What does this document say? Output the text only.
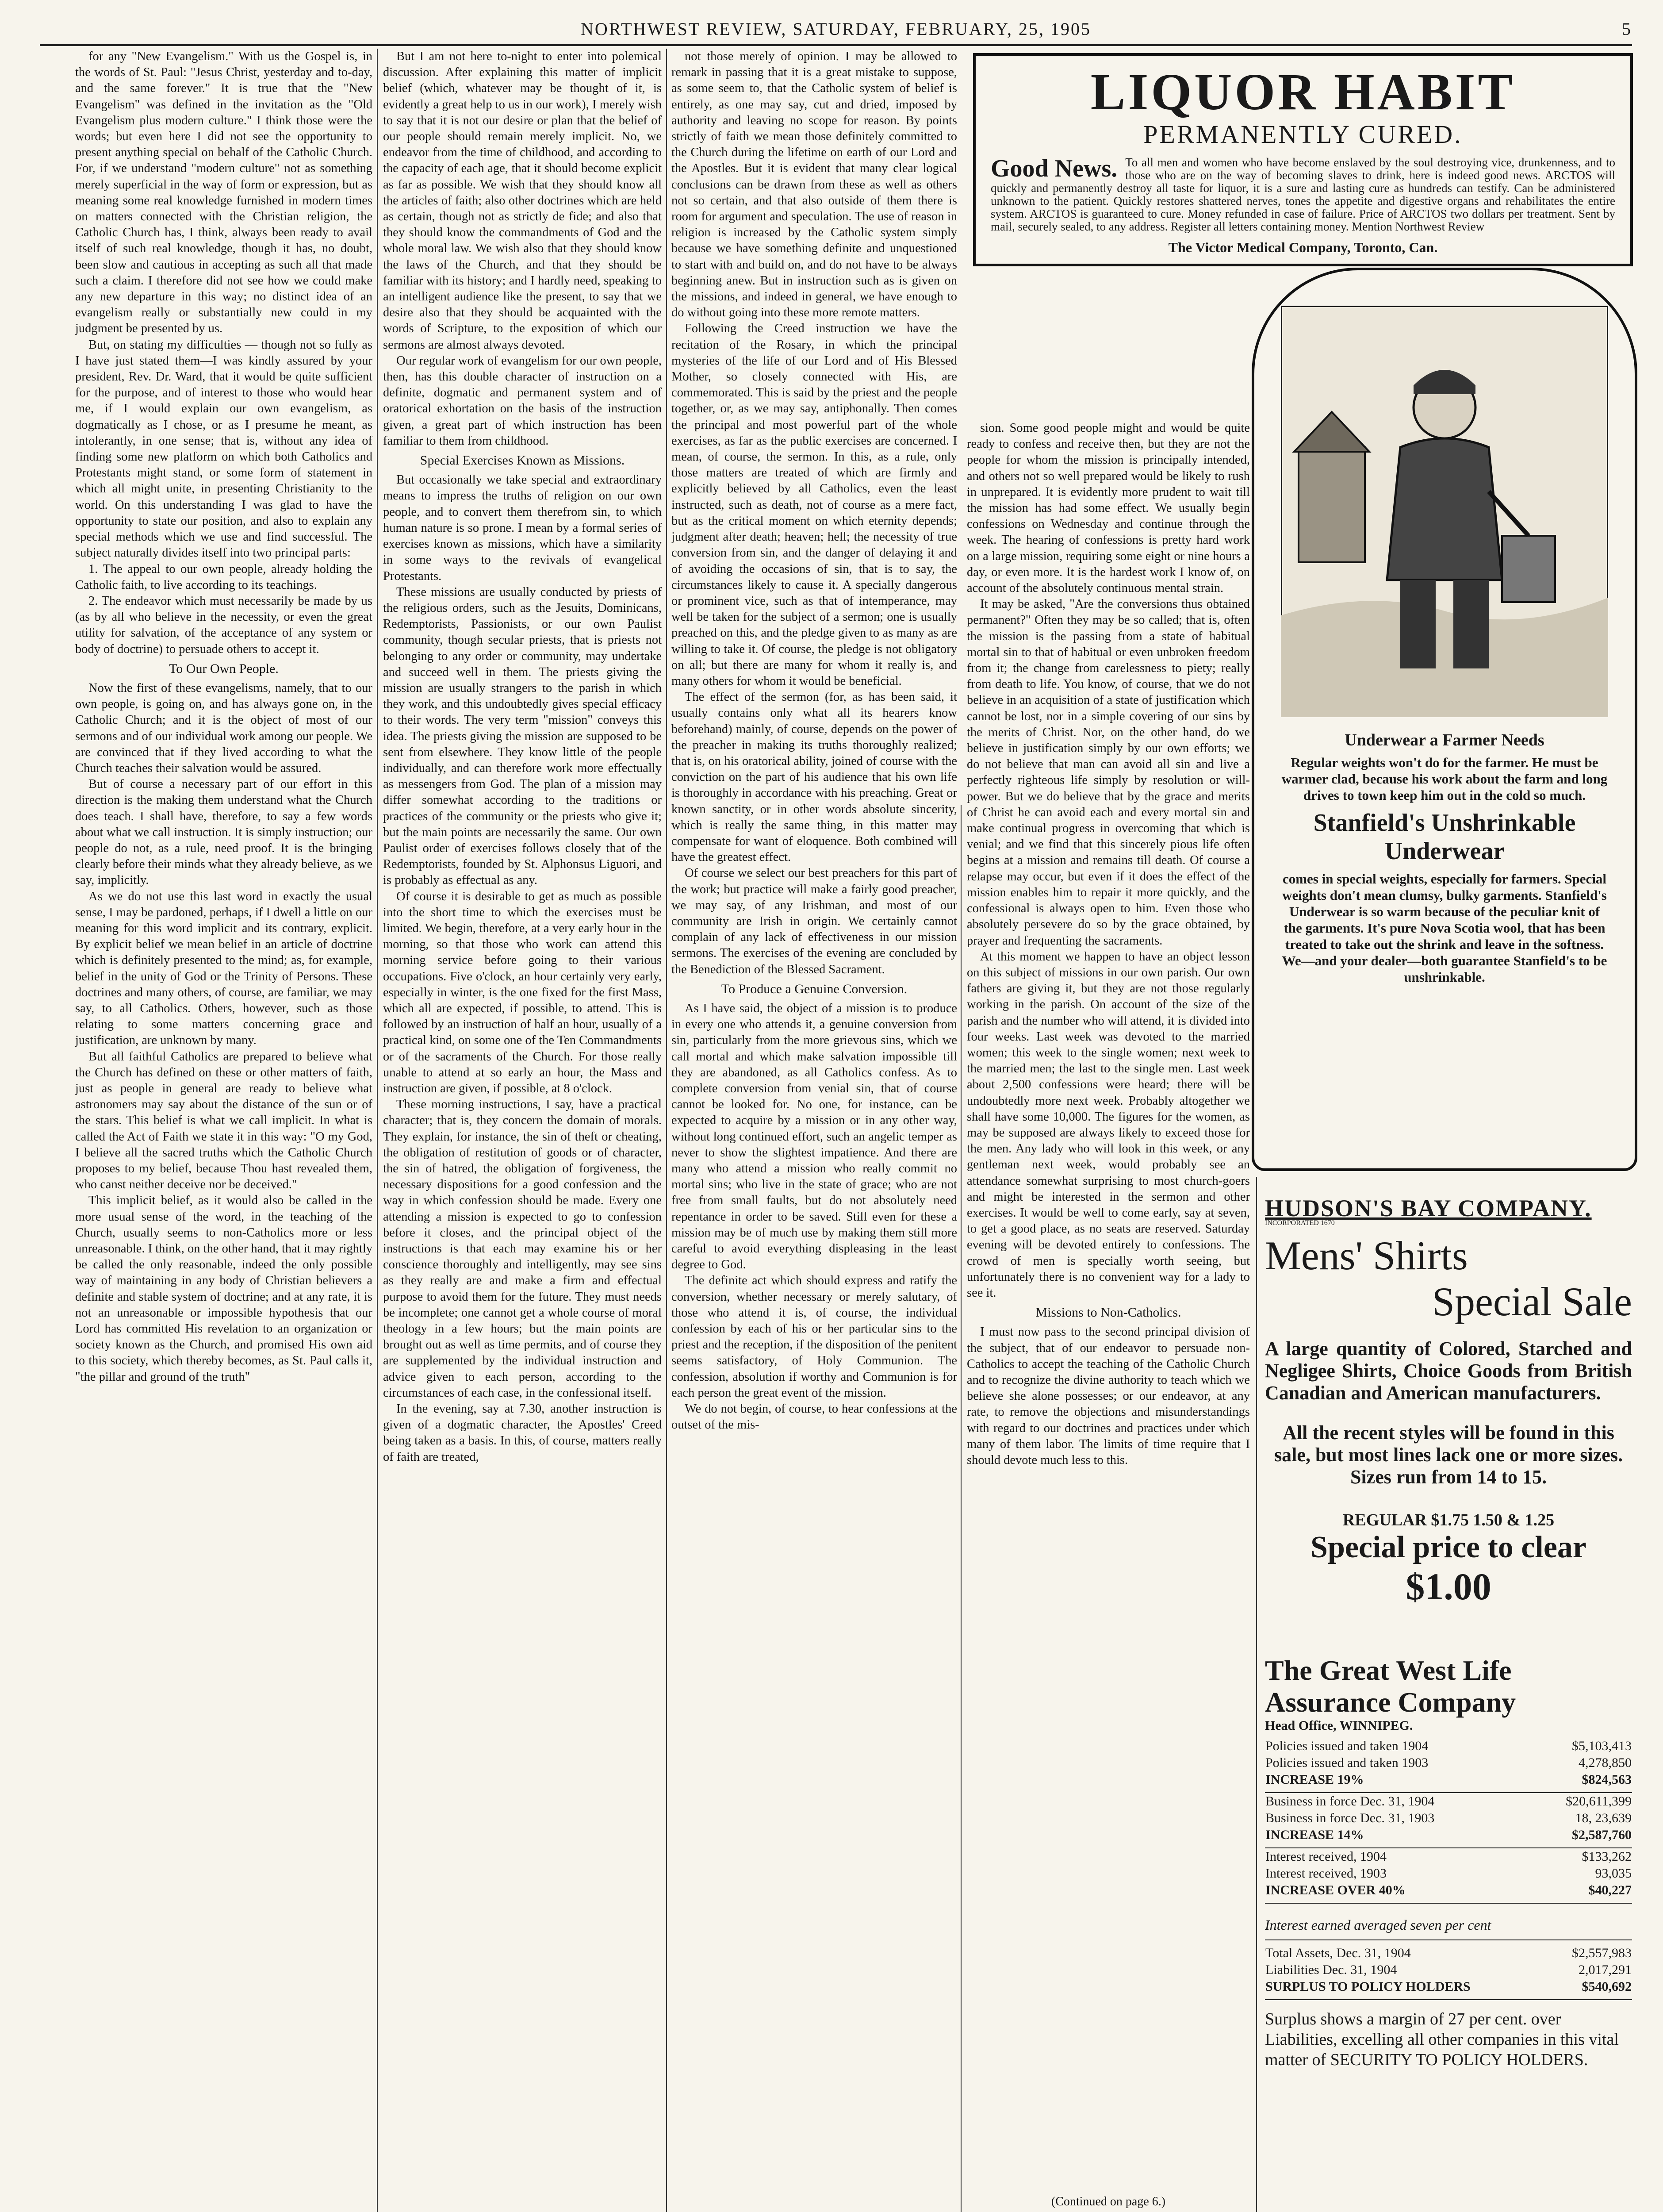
NORTHWEST REVIEW, SATURDAY, FEBRUARY, 25, 1905	5

for any "New Evangelism." With us the Gospel is, in the words of St. Paul: "Jesus Christ, yesterday and to-day, and the same forever." It is true that the "New Evangelism" was defined in the invitation as the "Old Evangelism plus modern culture." I think those were the words; but even here I did not see the opportunity to present anything special on behalf of the Catholic Church. For, if we understand "modern culture" not as something merely superficial in the way of form or expression, but as meaning some real knowledge furnished in modern times on matters connected with the Christian religion, the Catholic Church has, I think, always been ready to avail itself of such real knowledge, though it has, no doubt, been slow and cautious in accepting as such all that made such a claim. I therefore did not see how we could make any new departure in this way; no distinct idea of an evangelism really or substantially new could in my judgment be presented by us.

But, on stating my difficulties — though not so fully as I have just stated them—I was kindly assured by your president, Rev. Dr. Ward, that it would be quite sufficient for the purpose, and of interest to those who would hear me, if I would explain our own evangelism, as dogmatically as I chose, or as I presume he meant, as intolerantly, in one sense; that is, without any idea of finding some new platform on which both Catholics and Protestants might stand, or some form of statement in which all might unite, in presenting Christianity to the world. On this understanding I was glad to have the opportunity to state our position, and also to explain any special methods which we use and find successful. The subject naturally divides itself into two principal parts:

1. The appeal to our own people, already holding the Catholic faith, to live according to its teachings.

2. The endeavor which must necessarily be made by us (as by all who believe in the necessity, or even the great utility for salvation, of the acceptance of any system or body of doctrine) to persuade others to accept it.

To Our Own People.

Now the first of these evangelisms, namely, that to our own people, is going on, and has always gone on, in the Catholic Church; and it is the object of most of our sermons and of our individual work among our people. We are convinced that if they lived according to what the Church teaches their salvation would be assured.

But of course a necessary part of our effort in this direction is the making them understand what the Church does teach. I shall have, therefore, to say a few words about what we call instruction. It is simply instruction; our people do not, as a rule, need proof. It is the bringing clearly before their minds what they already believe, as we say, implicitly.

As we do not use this last word in exactly the usual sense, I may be pardoned, perhaps, if I dwell a little on our meaning for this word implicit and its contrary, explicit. By explicit belief we mean belief in an article of doctrine which is definitely presented to the mind; as, for example, belief in the unity of God or the Trinity of Persons. These doctrines and many others, of course, are familiar, we may say, to all Catholics. Others, however, such as those relating to some matters concerning grace and justification, are unknown by many.

But all faithful Catholics are prepared to believe what the Church has defined on these or other matters of faith, just as people in general are ready to believe what astronomers may say about the distance of the sun or of the stars. This belief is what we call implicit. In what is called the Act of Faith we state it in this way: "O my God, I believe all the sacred truths which the Catholic Church proposes to my belief, because Thou hast revealed them, who canst neither deceive nor be deceived."

This implicit belief, as it would also be called in the more usual sense of the word, in the teaching of the Church, usually seems to non-Catholics more or less unreasonable. I think, on the other hand, that it may rightly be called the only reasonable, indeed the only possible way of maintaining in any body of Christian believers a definite and stable system of doctrine; and at any rate, it is not an unreasonable or impossible hypothesis that our Lord has committed His revelation to an organization or society known as the Church, and promised His own aid to this society, which thereby becomes, as St. Paul calls it, "the pillar and ground of the truth"

But I am not here to-night to enter into polemical discussion. After explaining this matter of implicit belief (which, whatever may be thought of it, is evidently a great help to us in our work), I merely wish to say that it is not our desire or plan that the belief of our people should remain merely implicit. No, we endeavor from the time of childhood, and according to the capacity of each age, that it should become explicit as far as possible. We wish that they should know all the articles of faith; also other doctrines which are held as certain, though not as strictly de fide; and also that they should know the commandments of God and the whole moral law. We wish also that they should know the laws of the Church, and that they should be familiar with its history; and I hardly need, speaking to an intelligent audience like the present, to say that we desire also that they should be acquainted with the words of Scripture, to the exposition of which our sermons are almost always devoted.

Our regular work of evangelism for our own people, then, has this double character of instruction on a definite, dogmatic and permanent system and of oratorical exhortation on the basis of the instruction given, a great part of which instruction has been familiar to them from childhood.

Special Exercises Known as Missions.

But occasionally we take special and extraordinary means to impress the truths of religion on our own people, and to convert them therefrom sin, to which human nature is so prone. I mean by a formal series of exercises known as missions, which have a similarity in some ways to the revivals of evangelical Protestants.

These missions are usually conducted by priests of the religious orders, such as the Jesuits, Dominicans, Redemptorists, Passionists, or our own Paulist community, though secular priests, that is priests not belonging to any order or community, may undertake and succeed well in them. The priests giving the mission are usually strangers to the parish in which they work, and this undoubtedly gives special efficacy to their words. The very term "mission" conveys this idea. The priests giving the mission are supposed to be sent from elsewhere. They know little of the people individually, and can therefore work more effectually as messengers from God. The plan of a mission may differ somewhat according to the traditions or practices of the community or the priests who give it; but the main points are necessarily the same. Our own Paulist order of exercises follows closely that of the Redemptorists, founded by St. Alphonsus Liguori, and is probably as effectual as any.

Of course it is desirable to get as much as possible into the short time to which the exercises must be limited. We begin, therefore, at a very early hour in the morning, so that those who work can attend this morning service before going to their various occupations. Five o'clock, an hour certainly very early, especially in winter, is the one fixed for the first Mass, which all are expected, if possible, to attend. This is followed by an instruction of half an hour, usually of a practical kind, on some one of the Ten Commandments or of the sacraments of the Church. For those really unable to attend at so early an hour, the Mass and instruction are given, if possible, at 8 o'clock.

These morning instructions, I say, have a practical character; that is, they concern the domain of morals. They explain, for instance, the sin of theft or cheating, the obligation of restitution of goods or of character, the sin of hatred, the obligation of forgiveness, the necessary dispositions for a good confession and the way in which confession should be made. Every one attending a mission is expected to go to confession before it closes, and the principal object of the instructions is that each may examine his or her conscience thoroughly and intelligently, may see sins as they really are and make a firm and effectual purpose to avoid them for the future. They must needs be incomplete; one cannot get a whole course of moral theology in a few hours; but the main points are brought out as well as time permits, and of course they are supplemented by the individual instruction and advice given to each person, according to the circumstances of each case, in the confessional itself.

In the evening, say at 7.30, another instruction is given of a dogmatic character, the Apostles' Creed being taken as a basis. In this, of course, matters really of faith are treated,

not those merely of opinion. I may be allowed to remark in passing that it is a great mistake to suppose, as some seem to, that the Catholic system of belief is entirely, as one may say, cut and dried, imposed by authority and leaving no scope for reason. By points strictly of faith we mean those definitely committed to the Church during the lifetime on earth of our Lord and the Apostles. But it is evident that many clear logical conclusions can be drawn from these as well as others not so certain, and that also outside of them there is room for argument and speculation. The use of reason in religion is increased by the Catholic system simply because we have something definite and unquestioned to start with and build on, and do not have to be always beginning anew. But in instruction such as is given on the missions, and indeed in general, we have enough to do without going into these more remote matters.

Following the Creed instruction we have the recitation of the Rosary, in which the principal mysteries of the life of our Lord and of His Blessed Mother, so closely connected with His, are commemorated. This is said by the priest and the people together, or, as we may say, antiphonally. Then comes the principal and most powerful part of the whole exercises, as far as the public exercises are concerned. I mean, of course, the sermon. In this, as a rule, only those matters are treated of which are firmly and explicitly believed by all Catholics, even the least instructed, such as death, not of course as a mere fact, but as the critical moment on which eternity depends; judgment after death; heaven; hell; the necessity of true conversion from sin, and the danger of delaying it and of avoiding the occasions of sin, that is to say, the circumstances likely to cause it. A specially dangerous or prominent vice, such as that of intemperance, may well be taken for the subject of a sermon; one is usually preached on this, and the pledge given to as many as are willing to take it. Of course, the pledge is not obligatory on all; but there are many for whom it really is, and many others for whom it would be beneficial.

The effect of the sermon (for, as has been said, it usually contains only what all its hearers know beforehand) mainly, of course, depends on the power of the preacher in making its truths thoroughly realized; that is, on his oratorical ability, joined of course with the conviction on the part of his audience that his own life is thoroughly in accordance with his preaching. Great or known sanctity, or in other words absolute sincerity, which is really the same thing, in this matter may compensate for want of eloquence. Both combined will have the greatest effect.

Of course we select our best preachers for this part of the work; but practice will make a fairly good preacher, we may say, of any Irishman, and most of our community are Irish in origin. We certainly cannot complain of any lack of effectiveness in our mission sermons. The exercises of the evening are concluded by the Benediction of the Blessed Sacrament.

To Produce a Genuine Conversion.

As I have said, the object of a mission is to produce in every one who attends it, a genuine conversion from sin, particularly from the more grievous sins, which we call mortal and which make salvation impossible till they are abandoned, as all Catholics confess. As to complete conversion from venial sin, that of course cannot be looked for. No one, for instance, can be expected to acquire by a mission or in any other way, without long continued effort, such an angelic temper as never to show the slightest impatience. And there are many who attend a mission who really commit no mortal sins; who live in the state of grace; who are not free from small faults, but do not absolutely need repentance in order to be saved. Still even for these a mission may be of much use by making them still more careful to avoid everything displeasing in the least degree to God.

The definite act which should express and ratify the conversion, whether necessary or merely salutary, of those who attend it is, of course, the individual confession by each of his or her particular sins to the priest and the reception, if the disposition of the penitent seems satisfactory, of Holy Communion. The confession, absolution if worthy and Communion is for each person the great event of the mission.

We do not begin, of course, to hear confessions at the outset of the mis-

sion. Some good people might and would be quite ready to confess and receive then, but they are not the people for whom the mission is principally intended, and others not so well prepared would be likely to rush in unprepared. It is evidently more prudent to wait till the mission has had some effect. We usually begin confessions on Wednesday and continue through the week. The hearing of confessions is pretty hard work on a large mission, requiring some eight or nine hours a day, or even more. It is the hardest work I know of, on account of the absolutely continuous mental strain.

It may be asked, "Are the conversions thus obtained permanent?" Often they may be so called; that is, often the mission is the passing from a state of habitual mortal sin to that of habitual or even unbroken freedom from it; the change from carelessness to piety; really from death to life. You know, of course, that we do not believe in an acquisition of a state of justification which cannot be lost, nor in a simple covering of our sins by the merits of Christ. Nor, on the other hand, do we believe in justification simply by our own efforts; we do not believe that man can avoid all sin and live a perfectly righteous life simply by resolution or will-power. But we do believe that by the grace and merits of Christ he can avoid each and every mortal sin and make continual progress in overcoming that which is venial; and we find that this sincerely pious life often begins at a mission and remains till death. Of course a relapse may occur, but even if it does the effect of the mission enables him to repair it more quickly, and the confessional is always open to him. Even those who absolutely persevere do so by the grace obtained, by prayer and frequenting the sacraments.

At this moment we happen to have an object lesson on this subject of missions in our own parish. Our own fathers are giving it, but they are not those regularly working in the parish. On account of the size of the parish and the number who will attend, it is divided into four weeks. Last week was devoted to the married women; this week to the single women; next week to the married men; the last to the single men. Last week about 2,500 confessions were heard; there will be undoubtedly more next week. Probably altogether we shall have some 10,000. The figures for the women, as may be supposed are always likely to exceed those for the men. Any lady who will look in this week, or any gentleman next week, would probably see an attendance somewhat surprising to most church-goers and might be interested in the sermon and other exercises. It would be well to come early, say at seven, to get a good place, as no seats are reserved. Saturday evening will be devoted entirely to confessions. The crowd of men is specially worth seeing, but unfortunately there is no convenient way for a lady to see it.

Missions to Non-Catholics.

I must now pass to the second principal division of the subject, that of our endeavor to persuade non-Catholics to accept the teaching of the Catholic Church and to recognize the divine authority to teach which we believe she alone possesses; or our endeavor, at any rate, to remove the objections and misunderstandings with regard to our doctrines and practices under which many of them labor. The limits of time require that I should devote much less to this.

(Continued on page 6.)

LIQUOR HABIT
PERMANENTLY CURED.
Good News. To all men and women who have become enslaved by the soul destroying vice, drunkenness, and to those who are on the way of becoming slaves to drink, here is indeed good news. ARCTOS will quickly and permanently destroy all taste for liquor, it is a sure and lasting cure as hundreds can testify. Can be administered unknown to the patient. Quickly restores shattered nerves, tones the appetite and digestive organs and rehabilitates the entire system. ARCTOS is guaranteed to cure. Money refunded in case of failure. Price of ARCTOS two dollars per treatment. Sent by mail, securely sealed, to any address. Register all letters containing money. Mention Northwest Review
The Victor Medical Company, Toronto, Can.
Underwear a Farmer Needs
Regular weights won't do for the farmer. He must be warmer clad, because his work about the farm and long drives to town keep him out in the cold so much.
Stanfield's Unshrinkable Underwear
comes in special weights, especially for farmers. Special weights don't mean clumsy, bulky garments. Stanfield's Underwear is so warm because of the peculiar knit of the garments. It's pure Nova Scotia wool, that has been treated to take out the shrink and leave in the softness. We—and your dealer—both guarantee Stanfield's to be unshrinkable.
HUDSON'S BAY COMPANY.
INCORPORATED 1670
Mens' Shirts
Special Sale
A large quantity of Colored, Starched and Negligee Shirts, Choice Goods from British Canadian and American manufacturers.
All the recent styles will be found in this sale, but most lines lack one or more sizes. Sizes run from 14 to 15.
REGULAR $1.75 1.50 & 1.25
Special price to clear
$1.00
The Great West Life Assurance Company
Head Office, WINNIPEG.
Policies issued and taken 1904	$5,103,413
Policies issued and taken 1903	4,278,850
INCREASE 19%	$824,563
Business in force Dec. 31, 1904	$20,611,399
Business in force Dec. 31, 1903	18, 23,639
INCREASE 14%	$2,587,760
Interest received, 1904	$133,262
Interest received, 1903	93,035
INCREASE OVER 40%	$40,227
Interest earned averaged seven per cent
Total Assets, Dec. 31, 1904	$2,557,983
Liabilities Dec. 31, 1904	2,017,291
SURPLUS TO POLICY HOLDERS	$540,692
Surplus shows a margin of 27 per cent. over Liabilities, excelling all other companies in this vital matter of SECURITY TO POLICY HOLDERS.
